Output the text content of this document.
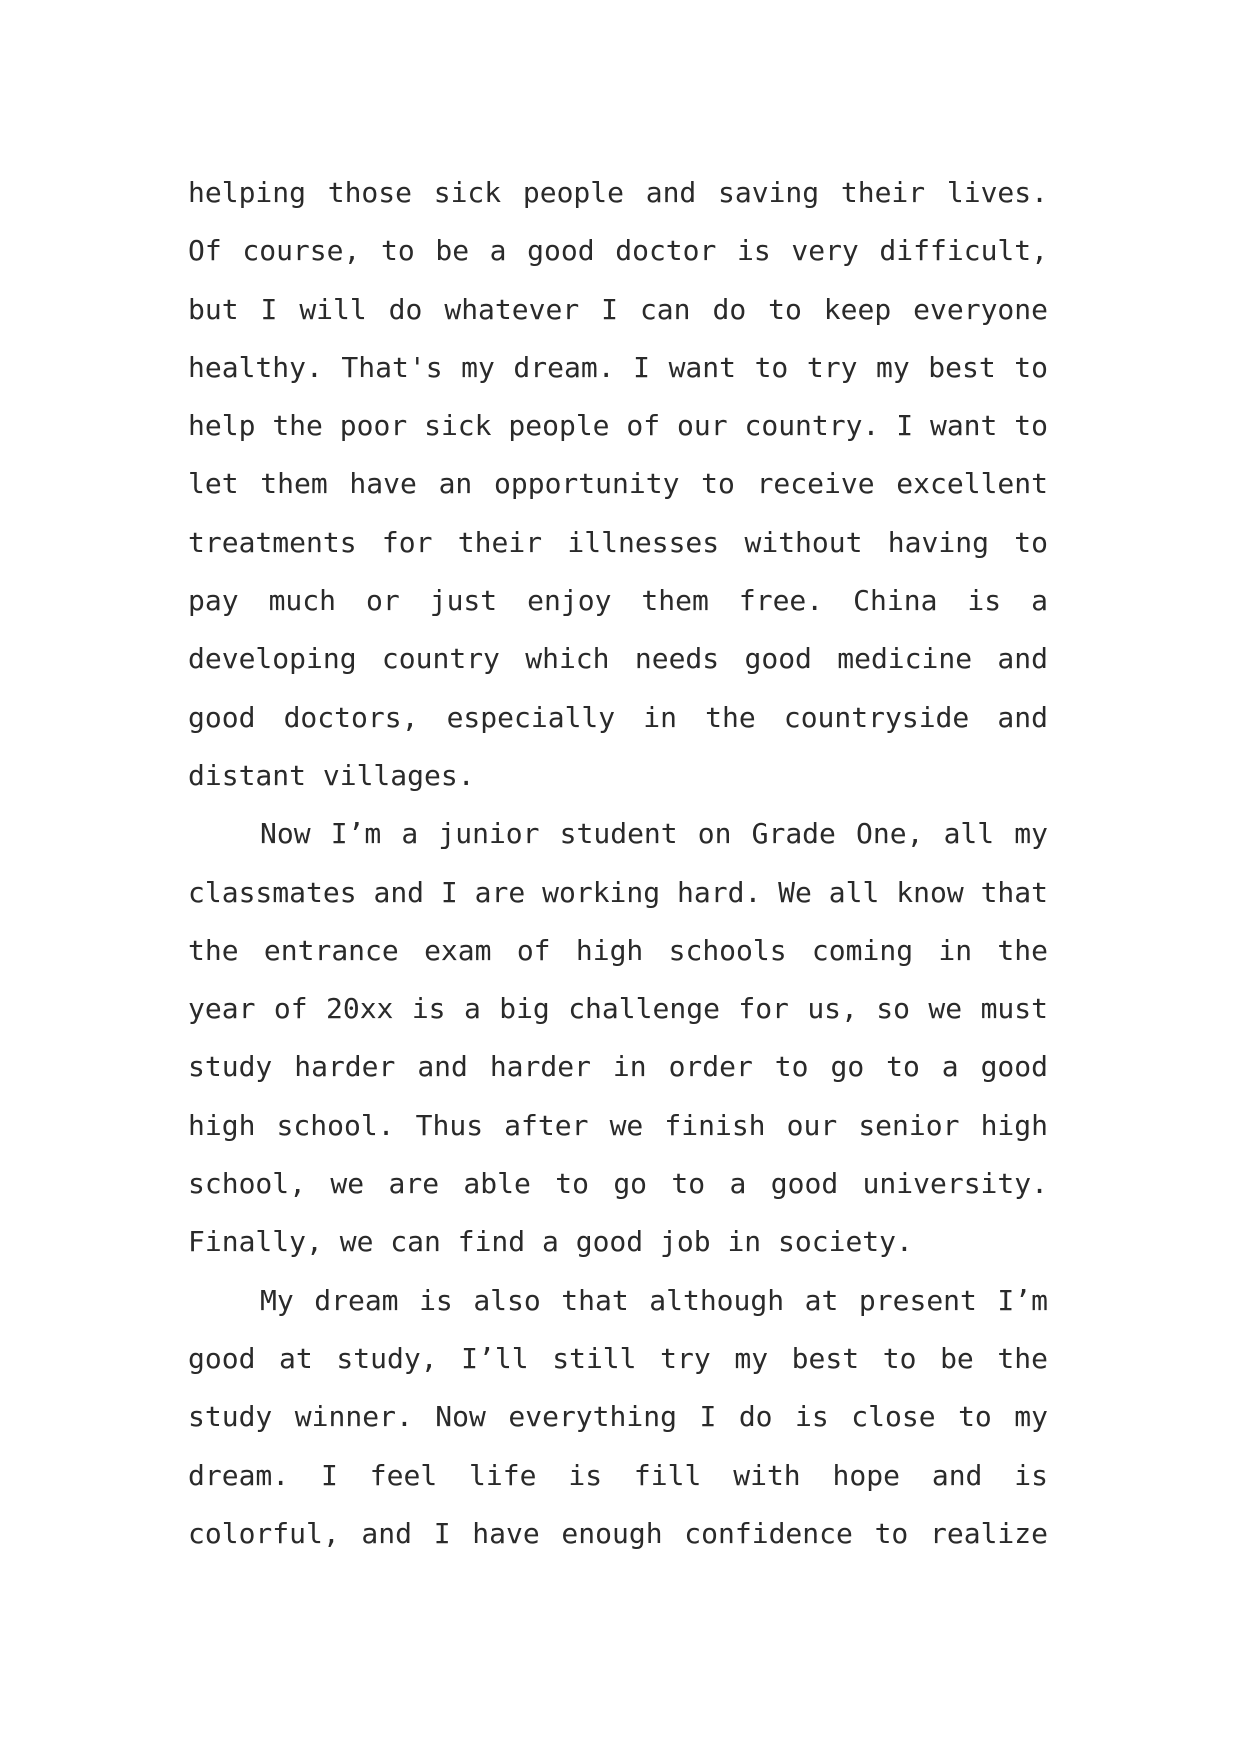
helping those sick people and saving their lives.
Of course, to be a good doctor is very difficult,
but I will do whatever I can do to keep everyone
healthy. That's my dream. I want to try my best to
help the poor sick people of our country. I want to
let them have an opportunity to receive excellent
treatments for their illnesses without having to
pay much or just enjoy them free. China is a
developing country which needs good medicine and
good doctors, especially in the countryside and
distant villages.
Now I’m a junior student on Grade One, all my
classmates and I are working hard. We all know that
the entrance exam of high schools coming in the
year of 20xx is a big challenge for us, so we must
study harder and harder in order to go to a good
high school. Thus after we finish our senior high
school, we are able to go to a good university.
Finally, we can find a good job in society.
My dream is also that although at present I’m
good at study, I’ll still try my best to be the
study winner. Now everything I do is close to my
dream. I feel life is fill with hope and is
colorful, and I have enough confidence to realize
